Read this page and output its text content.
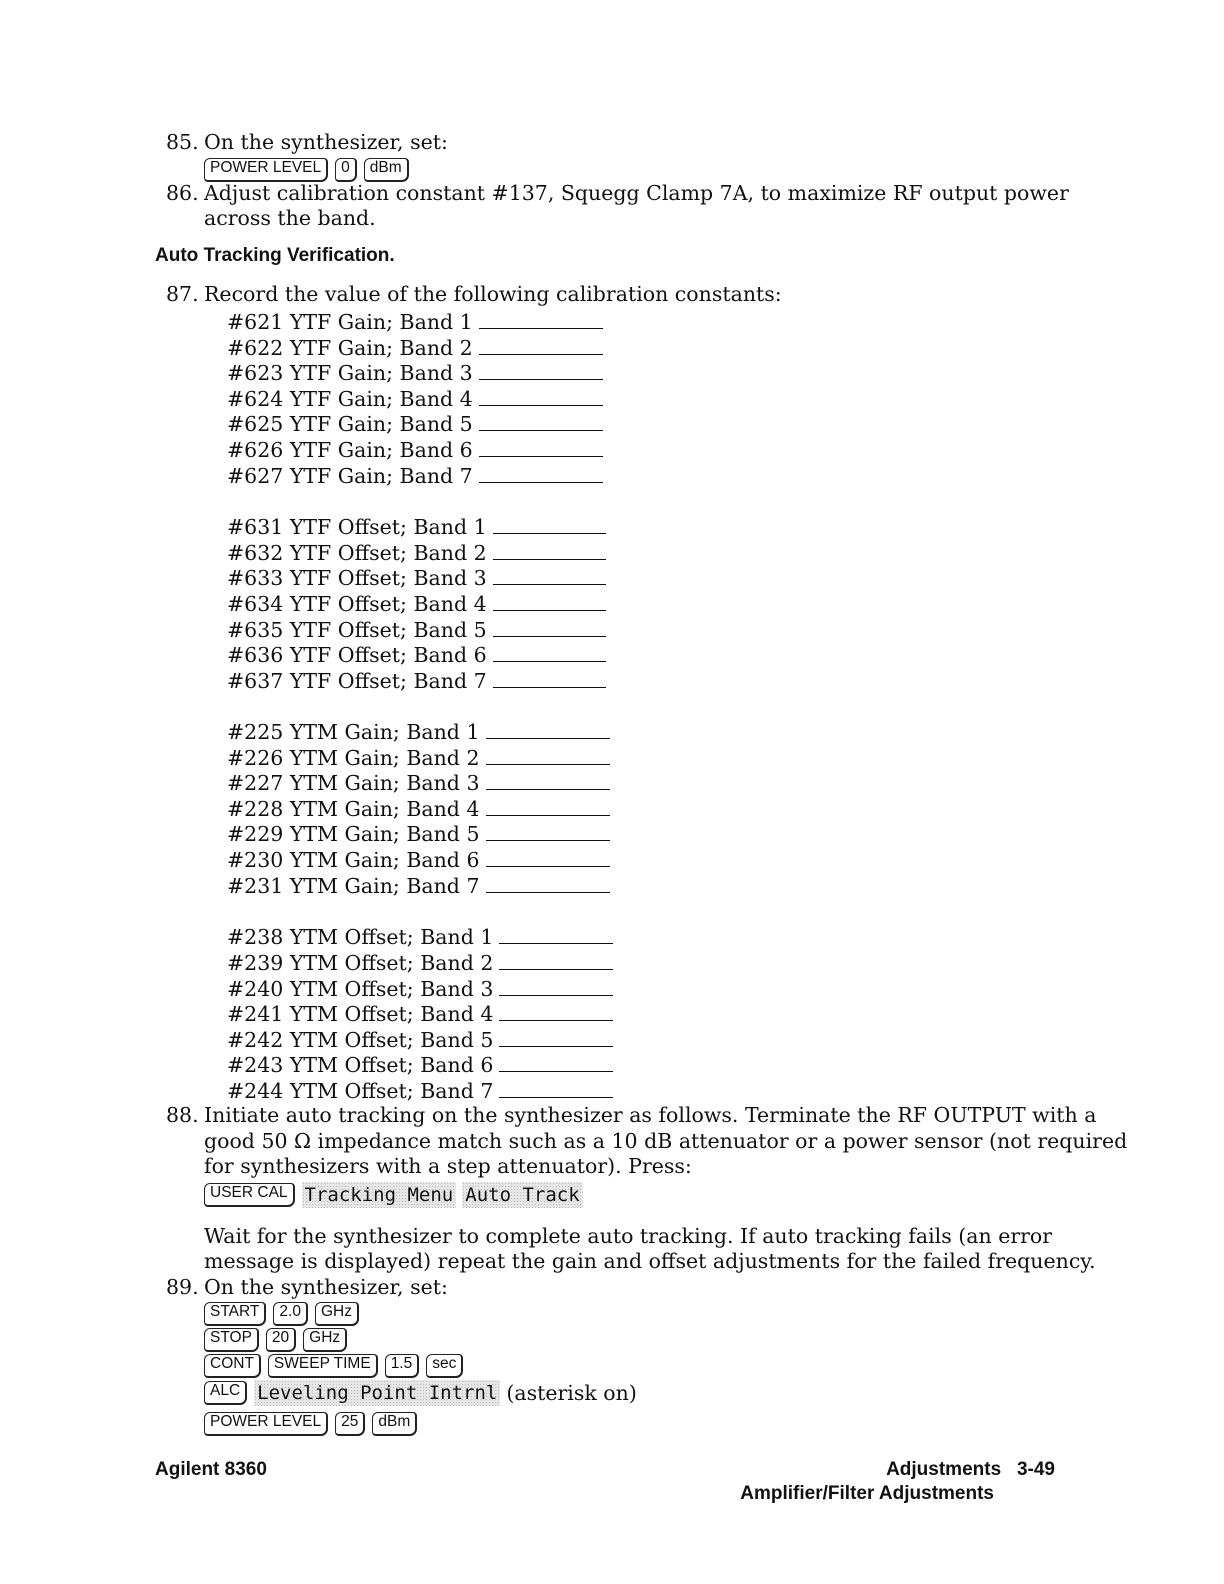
85. On the synthesizer, set:
POWER LEVEL 0 dBm
86. Adjust calibration constant #137, Squegg Clamp 7A, to maximize RF output power
across the band.
Auto Tracking Verification.
87. Record the value of the following calibration constants:
#621 YTF Gain; Band 1
#622 YTF Gain; Band 2
#623 YTF Gain; Band 3
#624 YTF Gain; Band 4
#625 YTF Gain; Band 5
#626 YTF Gain; Band 6
#627 YTF Gain; Band 7
#631 YTF Offset; Band 1
#632 YTF Offset; Band 2
#633 YTF Offset; Band 3
#634 YTF Offset; Band 4
#635 YTF Offset; Band 5
#636 YTF Offset; Band 6
#637 YTF Offset; Band 7
#225 YTM Gain; Band 1
#226 YTM Gain; Band 2
#227 YTM Gain; Band 3
#228 YTM Gain; Band 4
#229 YTM Gain; Band 5
#230 YTM Gain; Band 6
#231 YTM Gain; Band 7
#238 YTM Offset; Band 1
#239 YTM Offset; Band 2
#240 YTM Offset; Band 3
#241 YTM Offset; Band 4
#242 YTM Offset; Band 5
#243 YTM Offset; Band 6
#244 YTM Offset; Band 7
88. Initiate auto tracking on the synthesizer as follows. Terminate the RF OUTPUT with a
good 50 Ω impedance match such as a 10 dB attenuator or a power sensor (not required
for synthesizers with a step attenuator). Press:
USER CAL Tracking Menu Auto Track
Wait for the synthesizer to complete auto tracking. If auto tracking fails (an error
message is displayed) repeat the gain and offset adjustments for the failed frequency.
89. On the synthesizer, set:
START 2.0 GHz
STOP 20 GHz
CONT SWEEP TIME 1.5 sec
ALC Leveling Point Intrnl (asterisk on)
POWER LEVEL 25 dBm
Agilent 8360	Adjustments   3-49
Amplifier/Filter Adjustments
